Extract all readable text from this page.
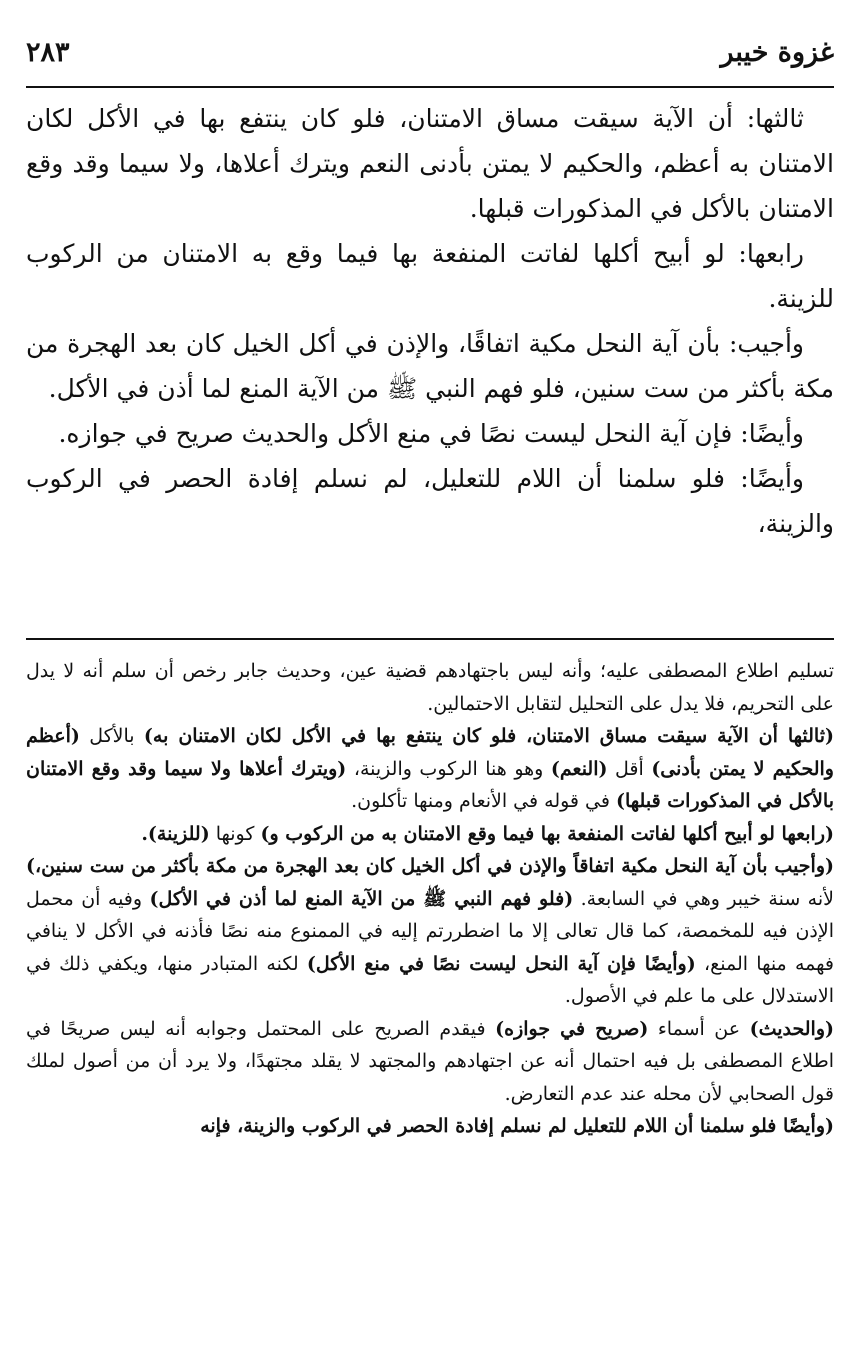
غزوة خيبر
٢٨٣

ثالثها: أن الآية سيقت مساق الامتنان، فلو كان ينتفع بها في الأكل لكان الامتنان به أعظم، والحكيم لا يمتن بأدنى النعم ويترك أعلاها، ولا سيما وقد وقع الامتنان بالأكل في المذكورات قبلها.

رابعها: لو أبيح أكلها لفاتت المنفعة بها فيما وقع به الامتنان من الركوب للزينة.

وأجيب: بأن آية النحل مكية اتفاقًا، والإذن في أكل الخيل كان بعد الهجرة من مكة بأكثر من ست سنين، فلو فهم النبي ﷺ من الآية المنع لما أذن في الأكل.

وأيضًا: فإن آية النحل ليست نصًا في منع الأكل والحديث صريح في جوازه.

وأيضًا: فلو سلمنا أن اللام للتعليل، لم نسلم إفادة الحصر في الركوب والزينة،

تسليم اطلاع المصطفى عليه؛ وأنه ليس باجتهادهم قضية عين، وحديث جابر رخص أن سلم أنه لا يدل على التحريم، فلا يدل على التحليل لتقابل الاحتمالين.

(ثالثها أن الآية سيقت مساق الامتنان، فلو كان ينتفع بها في الأكل لكان الامتنان به) بالأكل (أعظم والحكيم لا يمتن بأدنى) أقل (النعم) وهو هنا الركوب والزينة، (ويترك أعلاها ولا سيما وقد وقع الامتنان بالأكل في المذكورات قبلها) في قوله في الأنعام ومنها تأكلون.

(رابعها لو أبيح أكلها لفاتت المنفعة بها فيما وقع الامتنان به من الركوب و) كونها (للزينة).

(وأجيب بأن آية النحل مكية اتفاقاً والإذن في أكل الخيل كان بعد الهجرة من مكة بأكثر من ست سنين،) لأنه سنة خيبر وهي في السابعة. (فلو فهم النبي ﷺ من الآية المنع لما أذن في الأكل) وفيه أن محمل الإذن فيه للمخمصة، كما قال تعالى إلا ما اضطررتم إليه في الممنوع منه نصًا فأذنه في الأكل لا ينافي فهمه منها المنع، (وأيضًا فإن آية النحل ليست نصًا في منع الأكل) لكنه المتبادر منها، ويكفي ذلك في الاستدلال على ما علم في الأصول.

(والحديث) عن أسماء (صريح في جوازه) فيقدم الصريح على المحتمل وجوابه أنه ليس صريحًا في اطلاع المصطفى بل فيه احتمال أنه عن اجتهادهم والمجتهد لا يقلد مجتهدًا، ولا يرد أن من أصول لملك قول الصحابي لأن محله عند عدم التعارض.

(وأيضًا فلو سلمنا أن اللام للتعليل لم نسلم إفادة الحصر في الركوب والزينة، فإنه
